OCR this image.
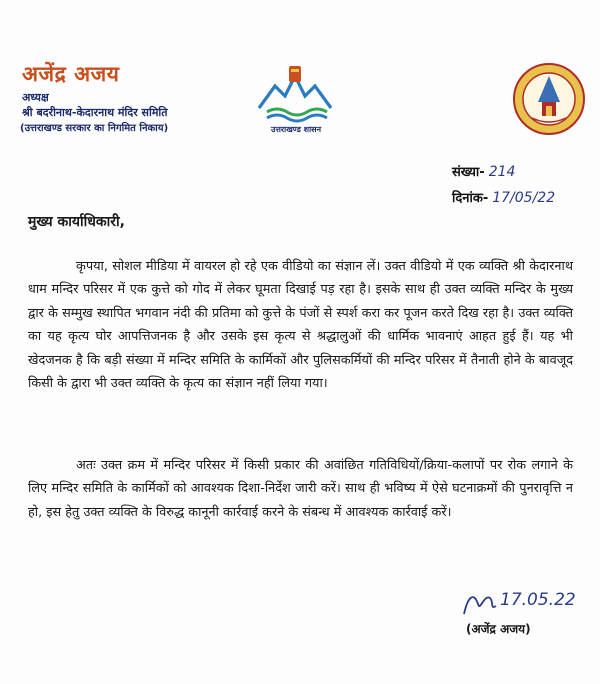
अजेंद्र अजय
अध्यक्ष
श्री बदरीनाथ-केदारनाथ मंदिर समिति
(उत्तराखण्ड सरकार का निगमित निकाय)	उत्तराखण्ड शासन
संख्या- 214
दिनांक- 17/05/22
मुख्य कार्याधिकारी,

कृपया, सोशल मीडिया में वायरल हो रहे एक वीडियो का संज्ञान लें। उक्त वीडियो में एक व्यक्ति श्री केदारनाथ धाम मन्दिर परिसर में एक कुत्ते को गोद में लेकर घूमता दिखाई पड़ रहा है। इसके साथ ही उक्त व्यक्ति मन्दिर के मुख्य द्वार के सम्मुख स्थापित भगवान नंदी की प्रतिमा को कुत्ते के पंजों से स्पर्श करा कर पूजन करते दिख रहा है। उक्त व्यक्ति का यह कृत्य घोर आपत्तिजनक है और उसके इस कृत्य से श्रद्धालुओं की धार्मिक भावनाएं आहत हुई हैं। यह भी खेदजनक है कि बड़ी संख्या में मन्दिर समिति के कार्मिकों और पुलिसकर्मियों की मन्दिर परिसर में तैनाती होने के बावजूद किसी के द्वारा भी उक्त व्यक्ति के कृत्य का संज्ञान नहीं लिया गया।

अतः उक्त क्रम में मन्दिर परिसर में किसी प्रकार की अवांछित गतिविधियों/क्रिया-कलापों पर रोक लगाने के लिए मन्दिर समिति के कार्मिकों को आवश्यक दिशा-निर्देश जारी करें। साथ ही भविष्य में ऐसे घटनाक्रमों की पुनरावृत्ति न हो, इस हेतु उक्त व्यक्ति के विरुद्ध कानूनी कार्रवाई करने के संबन्ध में आवश्यक कार्रवाई करें।

17.05.22
(अजेंद्र अजय)
